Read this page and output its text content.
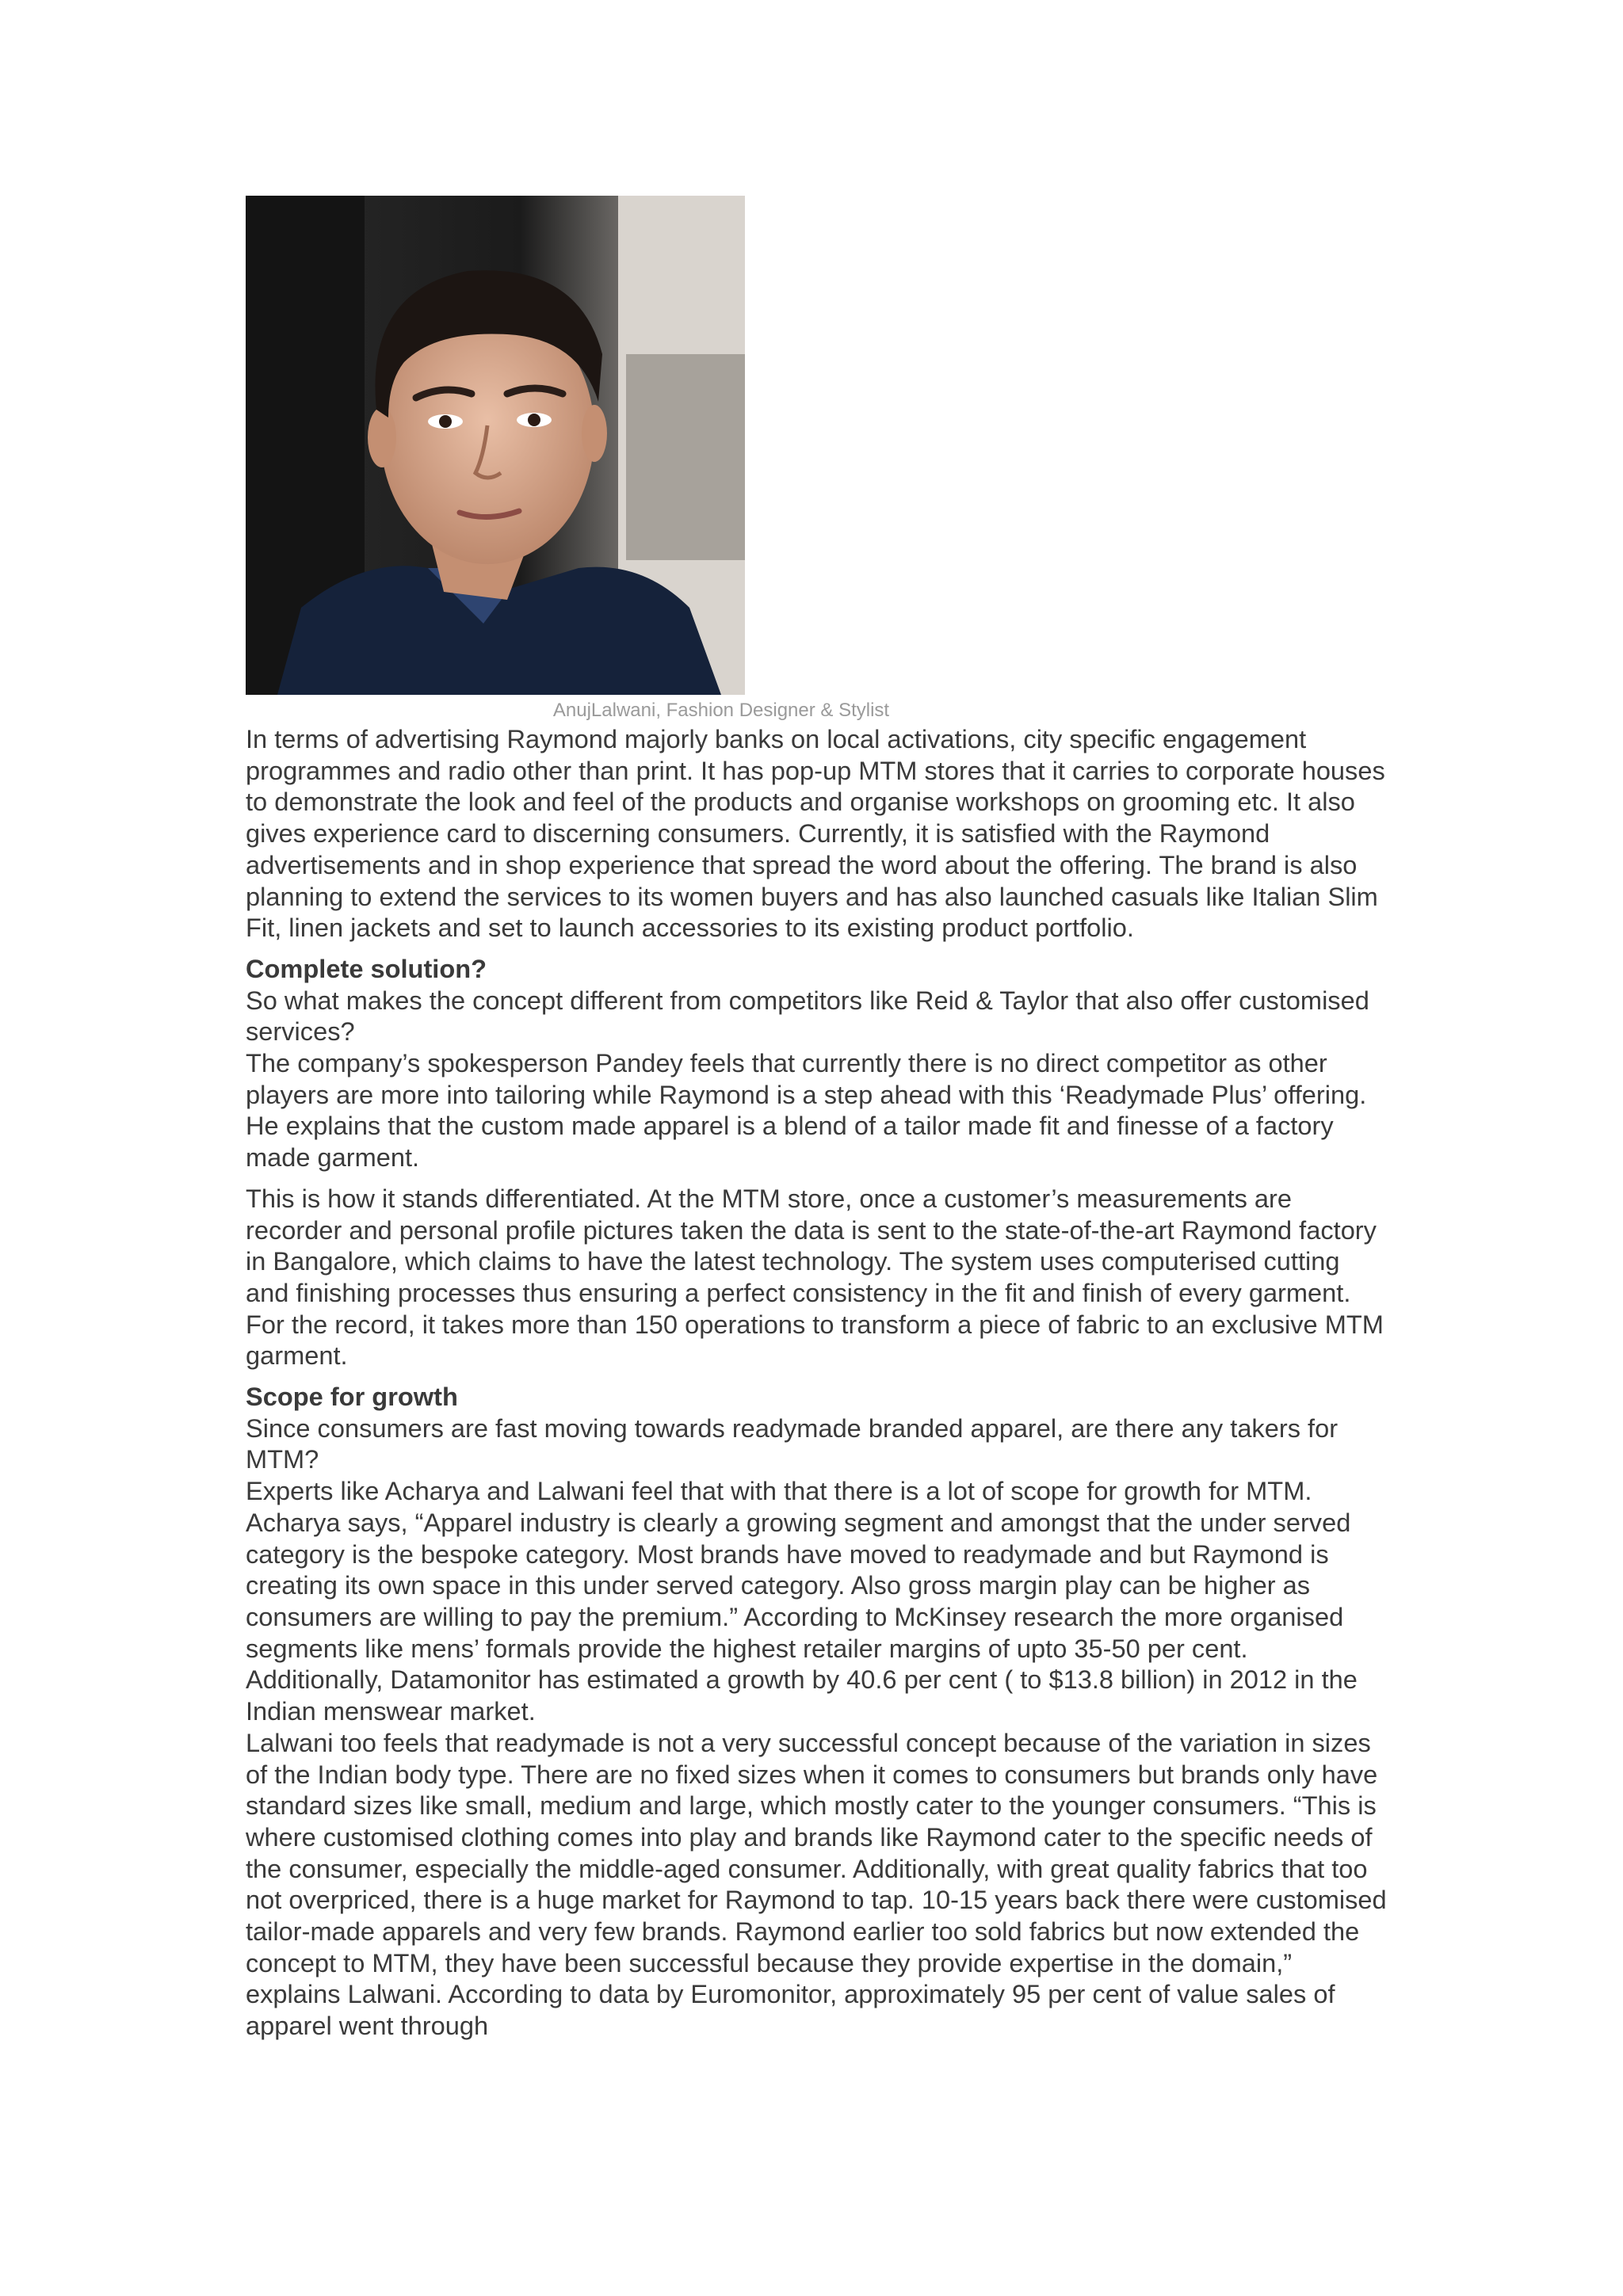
AnujLalwani, Fashion Designer & Stylist

In terms of advertising Raymond majorly banks on local activations, city specific engagement programmes and radio other than print. It has pop-up MTM stores that it carries to corporate houses to demonstrate the look and feel of the products and organise workshops on grooming etc. It also gives experience card to discerning consumers. Currently, it is satisfied with the Raymond advertisements and in shop experience that spread the word about the offering. The brand is also planning to extend the services to its women buyers and has also launched casuals like Italian Slim Fit, linen jackets and set to launch accessories to its existing product portfolio.

Complete solution?

So what makes the concept different from competitors like Reid & Taylor that also offer customised services?

The company’s spokesperson Pandey feels that currently there is no direct competitor as other players are more into tailoring while Raymond is a step ahead with this ‘Readymade Plus’ offering. He explains that the custom made apparel is a blend of a tailor made fit and finesse of a factory made garment.

This is how it stands differentiated. At the MTM store, once a customer’s measurements are recorder and personal profile pictures taken the data is sent to the state-of-the-art Raymond factory in Bangalore, which claims to have the latest technology. The system uses computerised cutting and finishing processes thus ensuring a perfect consistency in the fit and finish of every garment. For the record, it takes more than 150 operations to transform a piece of fabric to an exclusive MTM garment.

Scope for growth

Since consumers are fast moving towards readymade branded apparel, are there any takers for MTM?

Experts like Acharya and Lalwani feel that with that there is a lot of scope for growth for MTM. Acharya says, “Apparel industry is clearly a growing segment and amongst that the under served category is the bespoke category. Most brands have moved to readymade and but Raymond is creating its own space in this under served category. Also gross margin play can be higher as consumers are willing to pay the premium.” According to McKinsey research the more organised segments like mens’ formals provide the highest retailer margins of upto 35-50 per cent. Additionally, Datamonitor has estimated a growth by 40.6 per cent ( to $13.8 billion) in 2012 in the Indian menswear market.

Lalwani too feels that readymade is not a very successful concept because of the variation in sizes of the Indian body type. There are no fixed sizes when it comes to consumers but brands only have standard sizes like small, medium and large, which mostly cater to the younger consumers. “This is where customised clothing comes into play and brands like Raymond cater to the specific needs of the consumer, especially the middle-aged consumer. Additionally, with great quality fabrics that too not overpriced, there is a huge market for Raymond to tap. 10-15 years back there were customised tailor-made apparels and very few brands. Raymond earlier too sold fabrics but now extended the concept to MTM, they have been successful because they provide expertise in the domain,” explains Lalwani. According to data by Euromonitor, approximately 95 per cent of value sales of apparel went through
